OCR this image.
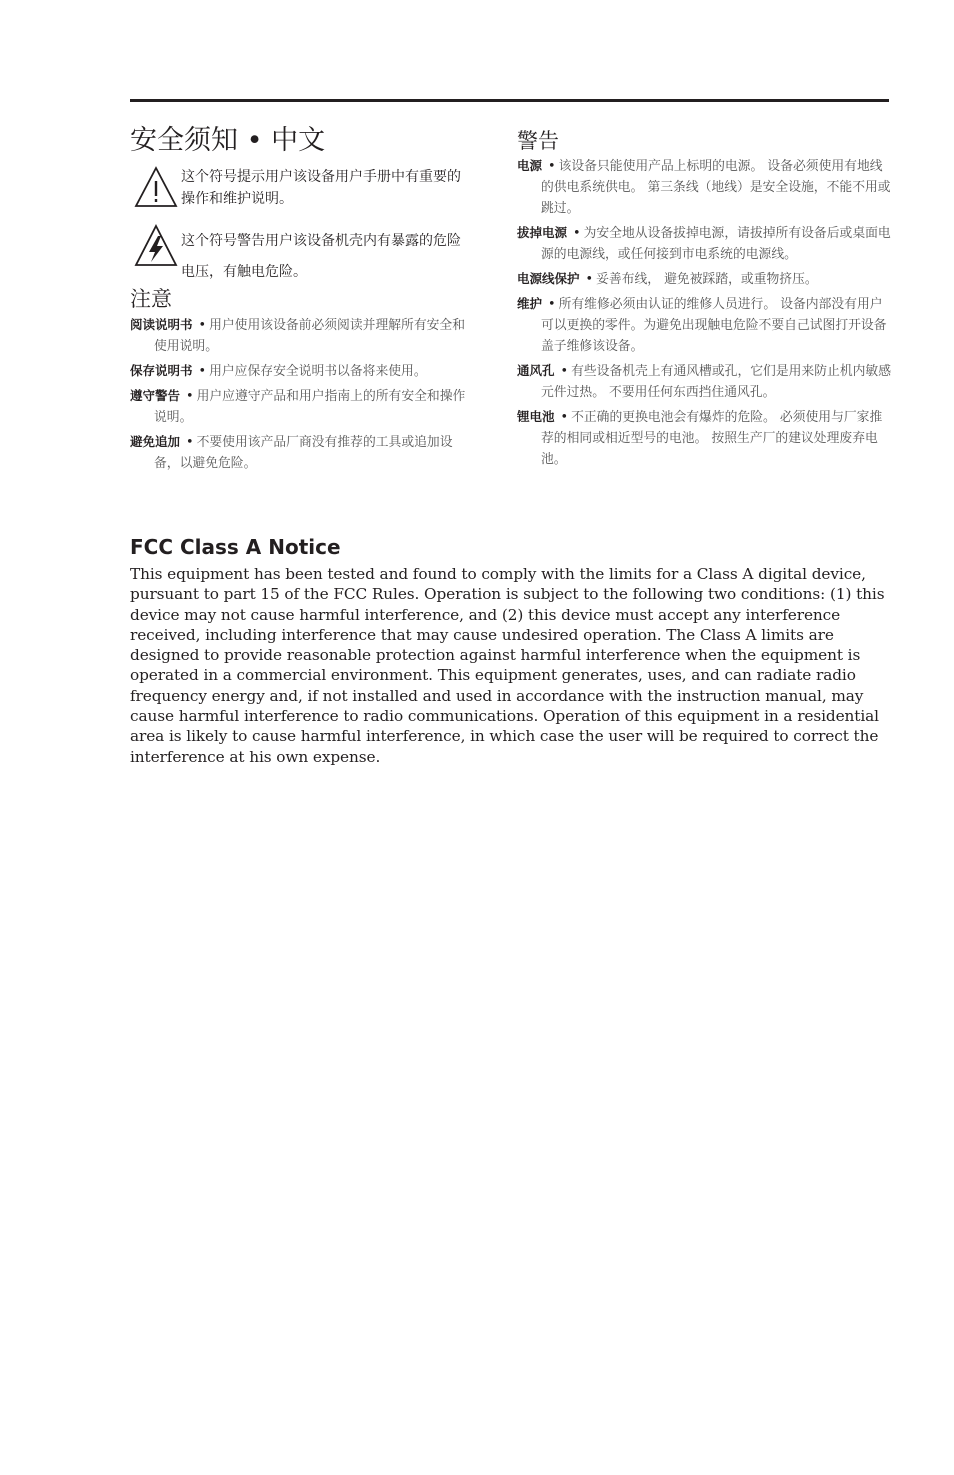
安全须知 • 中文
这个符号提示用户该设备用户手册中有重要的操作和维护说明。
这个符号警告用户该设备机壳内有暴露的危险电压，有触电危险。
注意

阅读说明书 • 用户使用该设备前必须阅读并理解所有安全和使用说明。

保存说明书 • 用户应保存安全说明书以备将来使用。

遵守警告 • 用户应遵守产品和用户指南上的所有安全和操作说明。

避免追加 • 不要使用该产品厂商没有推荐的工具或追加设备，以避免危险。

警告

电源 • 该设备只能使用产品上标明的电源。 设备必须使用有地线的供电系统供电。 第三条线（地线）是安全设施，不能不用或跳过。

拔掉电源 • 为安全地从设备拔掉电源，请拔掉所有设备后或桌面电源的电源线，或任何接到市电系统的电源线。

电源线保护 • 妥善布线， 避免被踩踏，或重物挤压。

维护 • 所有维修必须由认证的维修人员进行。 设备内部没有用户可以更换的零件。为避免出现触电危险不要自己试图打开设备盖子维修该设备。

通风孔 • 有些设备机壳上有通风槽或孔，它们是用来防止机内敏感元件过热。 不要用任何东西挡住通风孔。

锂电池 • 不正确的更换电池会有爆炸的危险。 必须使用与厂家推荐的相同或相近型号的电池。 按照生产厂的建议处理废弃电池。

FCC Class A Notice

This equipment has been tested and found to comply with the limits for a Class A digital device, pursuant to part 15 of the FCC Rules. Operation is subject to the following two conditions: (1) this device may not cause harmful interference, and (2) this device must accept any interference received, including interference that may cause undesired operation. The Class A limits are designed to provide reasonable protection against harmful interference when the equipment is operated in a commercial environment. This equipment generates, uses, and can radiate radio frequency energy and, if not installed and used in accordance with the instruction manual, may cause harmful interference to radio communications. Operation of this equipment in a residential area is likely to cause harmful interference, in which case the user will be required to correct the interference at his own expense.
